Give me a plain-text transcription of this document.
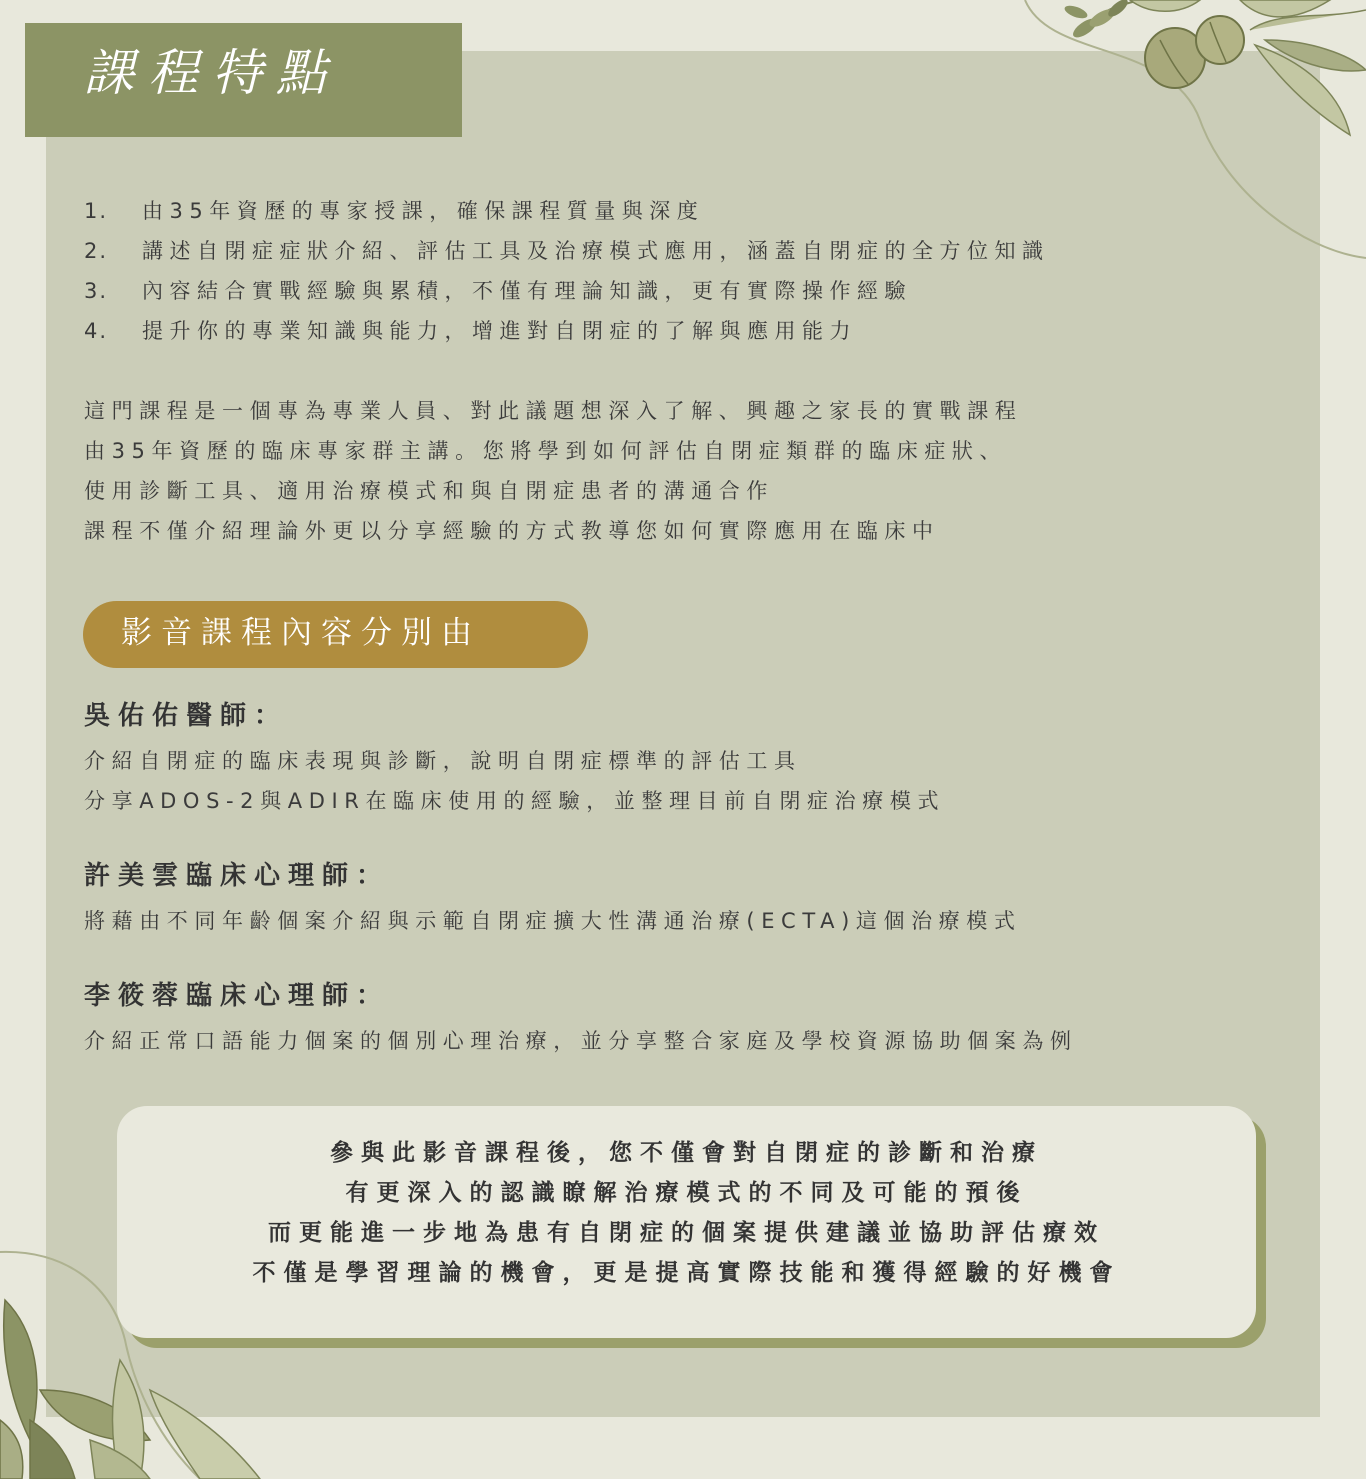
課程特點
1. 由35年資歷的專家授課，確保課程質量與深度
2. 講述自閉症症狀介紹、評估工具及治療模式應用，涵蓋自閉症的全方位知識
3. 內容結合實戰經驗與累積，不僅有理論知識，更有實際操作經驗
4. 提升你的專業知識與能力，增進對自閉症的了解與應用能力

這門課程是一個專為專業人員、對此議題想深入了解、興趣之家長的實戰課程

由35年資歷的臨床專家群主講。您將學到如何評估自閉症類群的臨床症狀、

使用診斷工具、適用治療模式和與自閉症患者的溝通合作

課程不僅介紹理論外更以分享經驗的方式教導您如何實際應用在臨床中

影音課程內容分別由
吳佑佑醫師：

介紹自閉症的臨床表現與診斷，說明自閉症標準的評估工具

分享ADOS-2與ADIR在臨床使用的經驗，並整理目前自閉症治療模式

許美雲臨床心理師：

將藉由不同年齡個案介紹與示範自閉症擴大性溝通治療(ECTA)這個治療模式

李筱蓉臨床心理師：

介紹正常口語能力個案的個別心理治療，並分享整合家庭及學校資源協助個案為例

參與此影音課程後，您不僅會對自閉症的診斷和治療

有更深入的認識瞭解治療模式的不同及可能的預後

而更能進一步地為患有自閉症的個案提供建議並協助評估療效

不僅是學習理論的機會，更是提高實際技能和獲得經驗的好機會
